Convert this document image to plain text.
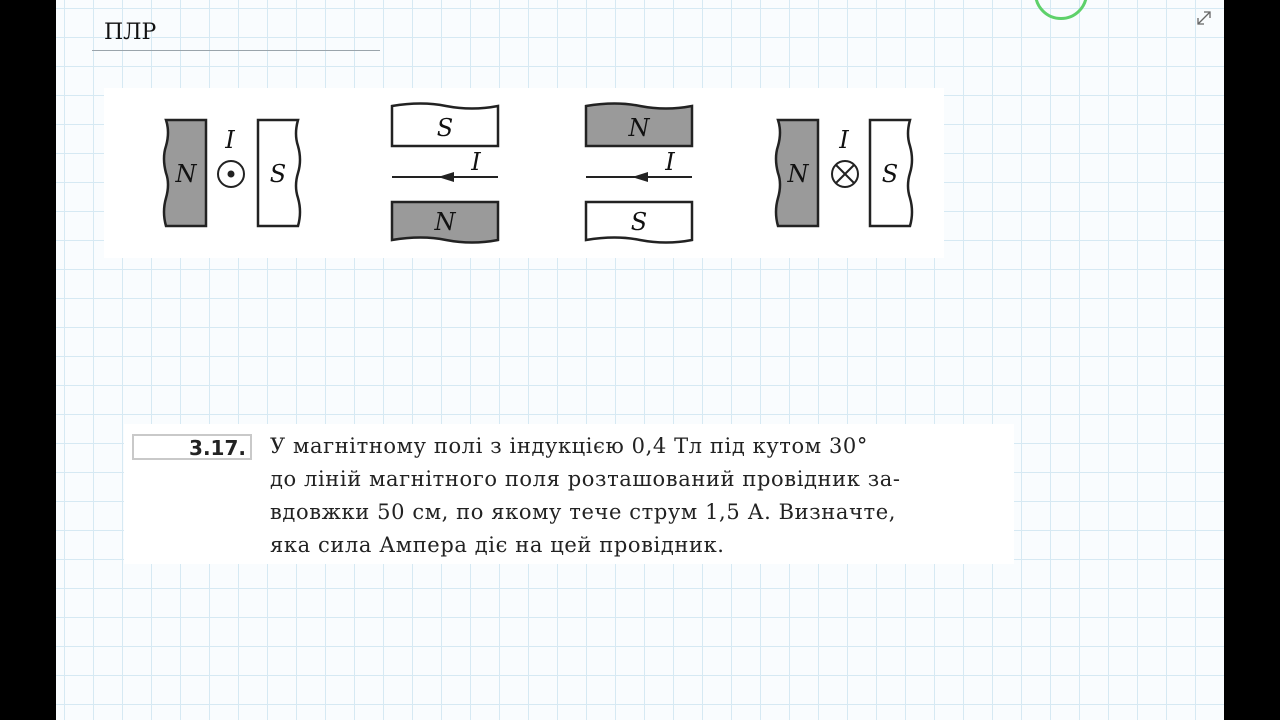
ПЛР
N	S
I	S
I
N
N
I
S
N	S
I
3.17. У магнітному полі з індукцією 0,4 Тл під кутом 30°
до ліній магнітного поля розташований провідник за-
вдовжки 50 см, по якому тече струм 1,5 А. Визначте,
яка сила Ампера діє на цей провідник.
